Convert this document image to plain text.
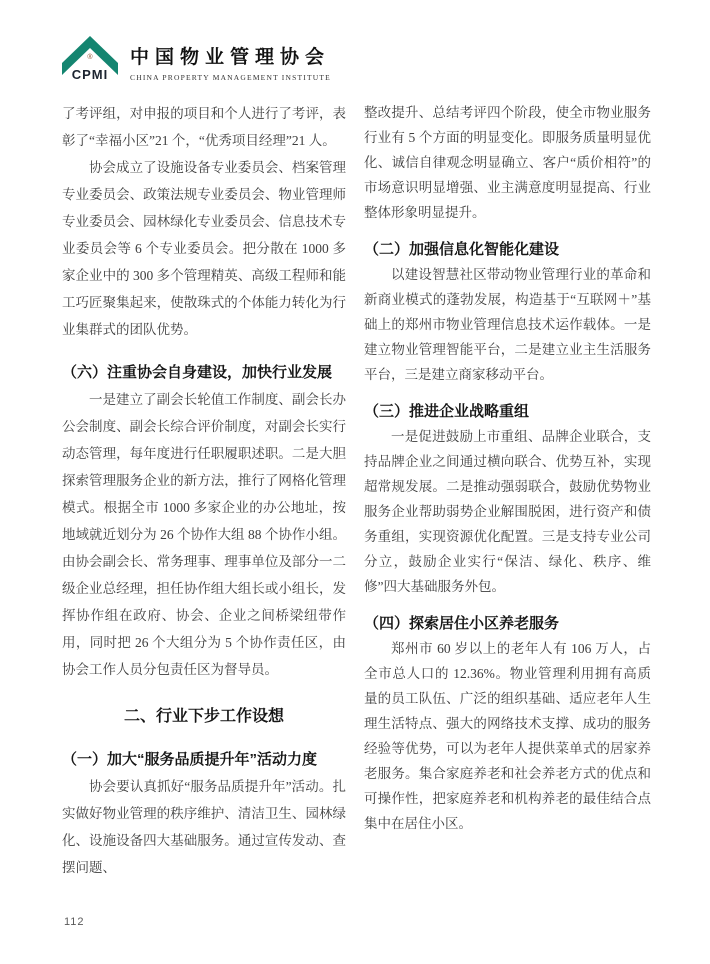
®
CPMI
中国物业管理协会
CHINA PROPERTY MANAGEMENT INSTITUTE

了考评组，对申报的项目和个人进行了考评，表彰了“幸福小区”21 个，“优秀项目经理”21 人。

协会成立了设施设备专业委员会、档案管理专业委员会、政策法规专业委员会、物业管理师专业委员会、园林绿化专业委员会、信息技术专业委员会等 6 个专业委员会。把分散在 1000 多家企业中的 300 多个管理精英、高级工程师和能工巧匠聚集起来，使散珠式的个体能力转化为行业集群式的团队优势。

（六）注重协会自身建设，加快行业发展

一是建立了副会长轮值工作制度、副会长办公会制度、副会长综合评价制度，对副会长实行动态管理，每年度进行任职履职述职。二是大胆探索管理服务企业的新方法，推行了网格化管理模式。根据全市 1000 多家企业的办公地址，按地域就近划分为 26 个协作大组 88 个协作小组。由协会副会长、常务理事、理事单位及部分一二级企业总经理，担任协作组大组长或小组长，发挥协作组在政府、协会、企业之间桥梁纽带作用，同时把 26 个大组分为 5 个协作责任区，由协会工作人员分包责任区为督导员。

二、行业下步工作设想
（一）加大“服务品质提升年”活动力度

协会要认真抓好“服务品质提升年”活动。扎实做好物业管理的秩序维护、清洁卫生、园林绿化、设施设备四大基础服务。通过宣传发动、查摆问题、

整改提升、总结考评四个阶段，使全市物业服务行业有 5 个方面的明显变化。即服务质量明显优化、诚信自律观念明显确立、客户“质价相符”的市场意识明显增强、业主满意度明显提高、行业整体形象明显提升。

（二）加强信息化智能化建设

以建设智慧社区带动物业管理行业的革命和新商业模式的蓬勃发展，构造基于“互联网＋”基础上的郑州市物业管理信息技术运作载体。一是建立物业管理智能平台，二是建立业主生活服务平台，三是建立商家移动平台。

（三）推进企业战略重组

一是促进鼓励上市重组、品牌企业联合，支持品牌企业之间通过横向联合、优势互补，实现超常规发展。二是推动强弱联合，鼓励优势物业服务企业帮助弱势企业解围脱困，进行资产和债务重组，实现资源优化配置。三是支持专业公司分立，鼓励企业实行“保洁、绿化、秩序、维修”四大基础服务外包。

（四）探索居住小区养老服务

郑州市 60 岁以上的老年人有 106 万人，占全市总人口的 12.36%。物业管理利用拥有高质量的员工队伍、广泛的组织基础、适应老年人生理生活特点、强大的网络技术支撑、成功的服务经验等优势，可以为老年人提供菜单式的居家养老服务。集合家庭养老和社会养老方式的优点和可操作性，把家庭养老和机构养老的最佳结合点集中在居住小区。

112
